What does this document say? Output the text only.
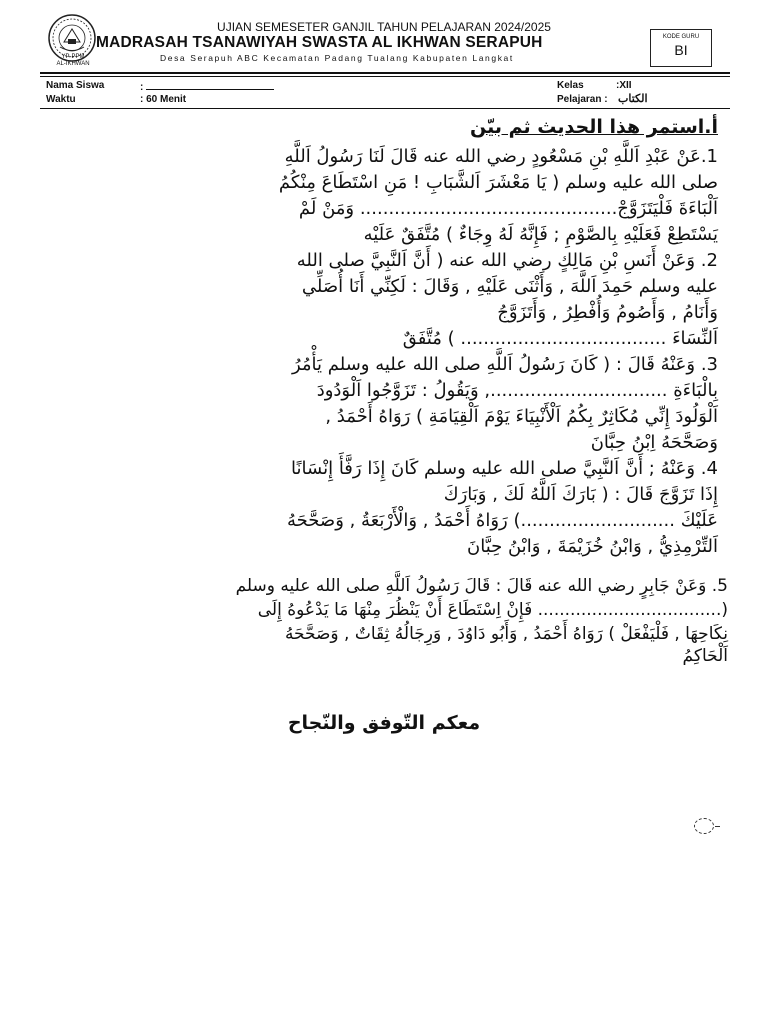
YP-PPM
AL-IKHWAN
UJIAN SEMESETER GANJIL TAHUN PELAJARAN 2024/2025
MADRASAH TSANAWIYAH SWASTA AL IKHWAN SERAPUH
Desa Serapuh ABC Kecamatan Padang Tualang Kabupaten Langkat
KODE GURU
BI
Nama Siswa	:
Waktu	: 60 Menit
Kelas	:XII
Pelajaran : الكتاب
أ.استمر هذا الحديث ثم بيّن
1.عَنْ عَبْدِ اَللَّهِ بْنِ مَسْعُودٍ رضي الله عنه قَالَ لَنَا رَسُولُ اَللَّهِ
صلى الله عليه وسلم ( يَا مَعْشَرَ اَلشَّبَابِ ! مَنِ اسْتَطَاعَ مِنْكُمُ
اَلْبَاءَةَ فَلْيَتَزَوَّجْ............................................. وَمَنْ لَمْ
يَسْتَطِعْ فَعَلَيْهِ بِالصَّوْمِ ; فَإِنَّهُ لَهُ وِجَاءٌ ) مُتَّفَقٌ عَلَيْه
2. وَعَنْ أَنَسِ بْنِ مَالِكٍ رضي الله عنه ( أَنَّ اَلنَّبِيَّ صلى الله
عليه وسلم حَمِدَ اَللَّهَ , وَأَثْنَى عَلَيْهِ , وَقَالَ : لَكِنِّي أَنَا أُصَلِّي
وَأَنَامُ , وَأَصُومُ وَأُفْطِرُ , وَأَتَزَوَّجُ
اَلنِّسَاءَ .................................... ) مُتَّفَقٌ
3. وَعَنْهُ قَالَ : ( كَانَ رَسُولُ اَللَّهِ صلى الله عليه وسلم يَأْمُرُ
بِالْبَاءَةِ ..............................., وَيَقُولُ : تَزَوَّجُوا اَلْوَدُودَ
اَلْوَلُودَ إِنِّي مُكَاثِرٌ بِكُمُ اَلْأَنْبِيَاءَ يَوْمَ اَلْقِيَامَةِ ) رَوَاهُ أَحْمَدُ ,
وَصَحَّحَهُ اِبْنُ حِبَّانَ
4. وَعَنْهُ ; أَنَّ اَلنَّبِيَّ صلى الله عليه وسلم كَانَ إِذَا رَفَّأَ إِنْسَانًا
إِذَا تَزَوَّجَ قَالَ : ( بَارَكَ اَللَّهُ لَكَ , وَبَارَكَ
عَلَيْكَ ...........................) رَوَاهُ أَحْمَدُ , وَالْأَرْبَعَةُ , وَصَحَّحَهُ
اَلتِّرْمِذِيُّ , وَابْنُ خُزَيْمَةَ , وَابْنُ حِبَّانَ
5. وَعَنْ جَابِرٍ رضي الله عنه قَالَ : قَالَ رَسُولُ اَللَّهِ صلى الله عليه وسلم
(.................................. فَإِنْ اِسْتَطَاعَ أَنْ يَنْظُرَ مِنْهَا مَا يَدْعُوهُ إِلَى
نِكَاحِهَا , فَلْيَفْعَلْ ) رَوَاهُ أَحْمَدُ , وَأَبُو دَاوُدَ , وَرِجَالُهُ ثِقَاتٌ , وَصَحَّحَهُ
اَلْحَاكِمُ
معكم التّوفق والنّجاح
